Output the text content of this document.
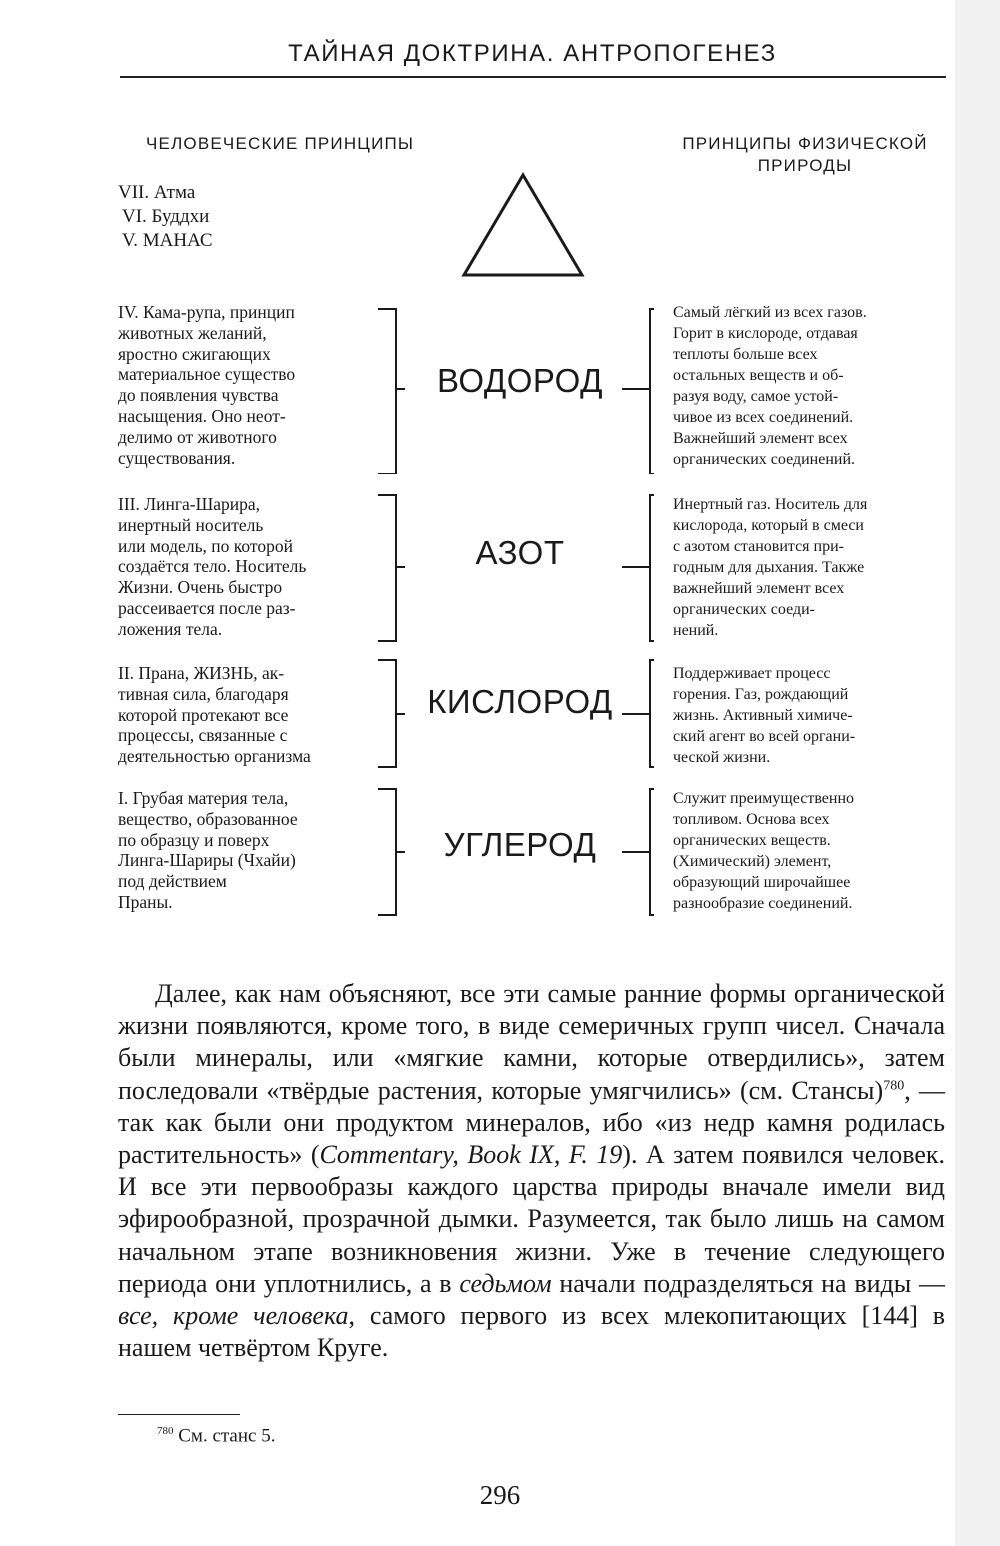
ТАЙНАЯ ДОКТРИНА. АНТРОПОГЕНЕЗ
ЧЕЛОВЕЧЕСКИЕ ПРИНЦИПЫ	ПРИНЦИПЫ ФИЗИЧЕСКОЙ
ПРИРОДЫ
VII. Атма
VI. Буддхи
V. МАНАС
IV. Кама-рупа, принцип
животных желаний,
яростно сжигающих
материальное существо
до появления чувства
насыщения. Оно неот-
делимо от животного
существования.
ВОДОРОД
Самый лёгкий из всех газов.
Горит в кислороде, отдавая
теплоты больше всех
остальных веществ и об-
разуя воду, самое устой-
чивое из всех соединений.
Важнейший элемент всех
органических соединений.
III. Линга-Шарира,
инертный носитель
или модель, по которой
создаётся тело. Носитель
Жизни. Очень быстро
рассеивается после раз-
ложения тела.
АЗОТ
Инертный газ. Носитель для
кислорода, который в смеси
с азотом становится при-
годным для дыхания. Также
важнейший элемент всех
органических соеди-
нений.
II. Прана, ЖИЗНЬ, ак-
тивная сила, благодаря
которой протекают все
процессы, связанные с
деятельностью организма
КИСЛОРОД
Поддерживает процесс
горения. Газ, рождающий
жизнь. Активный химиче-
ский агент во всей органи-
ческой жизни.
I. Грубая материя тела,
вещество, образованное
по образцу и поверх
Линга-Шариры (Чхайи)
под действием
Праны.
УГЛЕРОД
Служит преимущественно
топливом. Основа всех
органических веществ.
(Химический) элемент,
образующий широчайшее
разнообразие соединений.

Далее, как нам объясняют, все эти самые ранние формы органической жизни появляются, кроме того, в виде семеричных групп чисел. Сначала были минералы, или «мягкие камни, которые отвердились», затем последовали «твёрдые растения, которые умягчились» (см. Стансы)$^{780}$, — так как были они продуктом минералов, ибо «из недр камня родилась растительность» (Commentary, Book IX, F. 19). А затем появился человек. И все эти первообразы каждого царства природы вначале имели вид эфирообразной, прозрачной дымки. Разумеется, так было лишь на самом начальном этапе возникновения жизни. Уже в течение следующего периода они уплотнились, а в седьмом начали подразделяться на виды — все, кроме человека, самого первого из всех млекопитающих [144] в нашем четвёртом Круге.

$^{780}$ См. станс 5.
296
